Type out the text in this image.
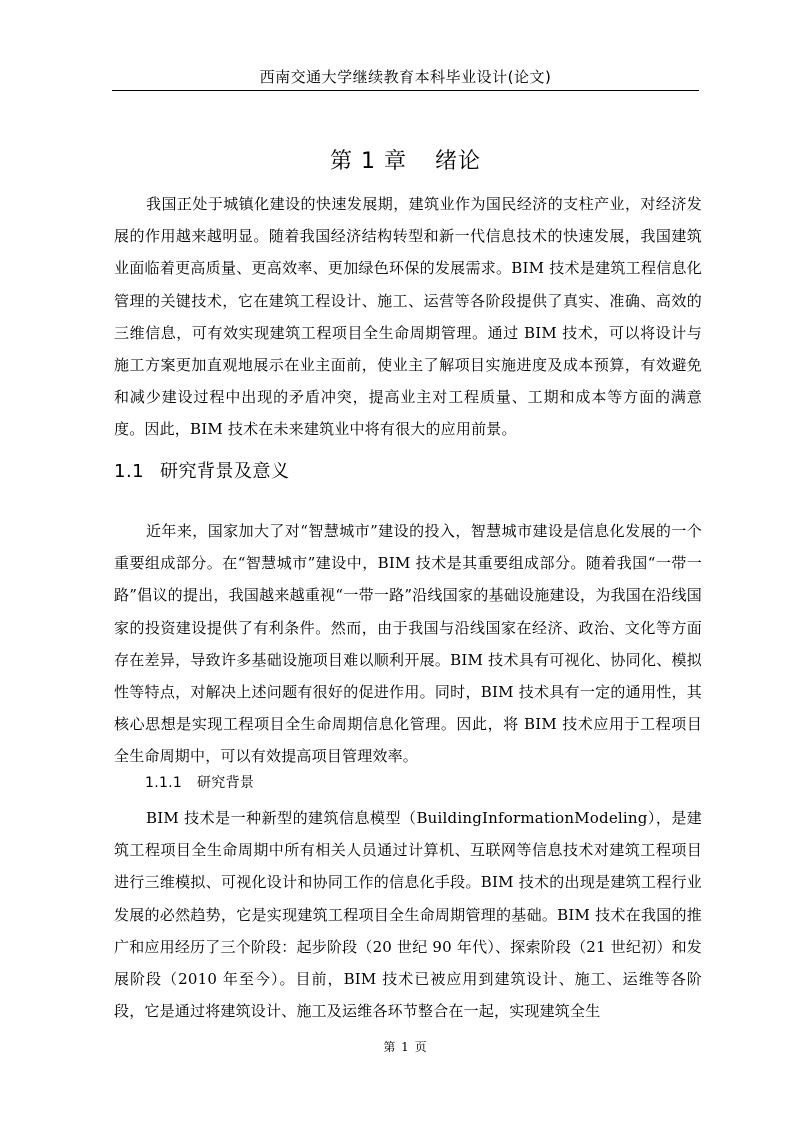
西南交通大学继续教育本科毕业设计(论文)
第 1 章 绪论

我国正处于城镇化建设的快速发展期，建筑业作为国民经济的支柱产业，对经济发展的作用越来越明显。随着我国经济结构转型和新一代信息技术的快速发展，我国建筑业面临着更高质量、更高效率、更加绿色环保的发展需求。BIM 技术是建筑工程信息化管理的关键技术，它在建筑工程设计、施工、运营等各阶段提供了真实、准确、高效的三维信息，可有效实现建筑工程项目全生命周期管理。通过 BIM 技术，可以将设计与施工方案更加直观地展示在业主面前，使业主了解项目实施进度及成本预算，有效避免和减少建设过程中出现的矛盾冲突，提高业主对工程质量、工期和成本等方面的满意度。因此，BIM 技术在未来建筑业中将有很大的应用前景。

1.1 研究背景及意义

近年来，国家加大了对“智慧城市”建设的投入，智慧城市建设是信息化发展的一个重要组成部分。在“智慧城市”建设中，BIM 技术是其重要组成部分。随着我国“一带一路”倡议的提出，我国越来越重视“一带一路”沿线国家的基础设施建设，为我国在沿线国家的投资建设提供了有利条件。然而，由于我国与沿线国家在经济、政治、文化等方面存在差异，导致许多基础设施项目难以顺利开展。BIM 技术具有可视化、协同化、模拟性等特点，对解决上述问题有很好的促进作用。同时，BIM 技术具有一定的通用性，其核心思想是实现工程项目全生命周期信息化管理。因此，将 BIM 技术应用于工程项目全生命周期中，可以有效提高项目管理效率。

1.1.1 研究背景

BIM 技术是一种新型的建筑信息模型（BuildingInformationModeling），是建筑工程项目全生命周期中所有相关人员通过计算机、互联网等信息技术对建筑工程项目进行三维模拟、可视化设计和协同工作的信息化手段。BIM 技术的出现是建筑工程行业发展的必然趋势，它是实现建筑工程项目全生命周期管理的基础。BIM 技术在我国的推广和应用经历了三个阶段：起步阶段（20 世纪 90 年代）、探索阶段（21 世纪初）和发展阶段（2010 年至今）。目前，BIM 技术已被应用到建筑设计、施工、运维等各阶段，它是通过将建筑设计、施工及运维各环节整合在一起，实现建筑全生

第 1 页
